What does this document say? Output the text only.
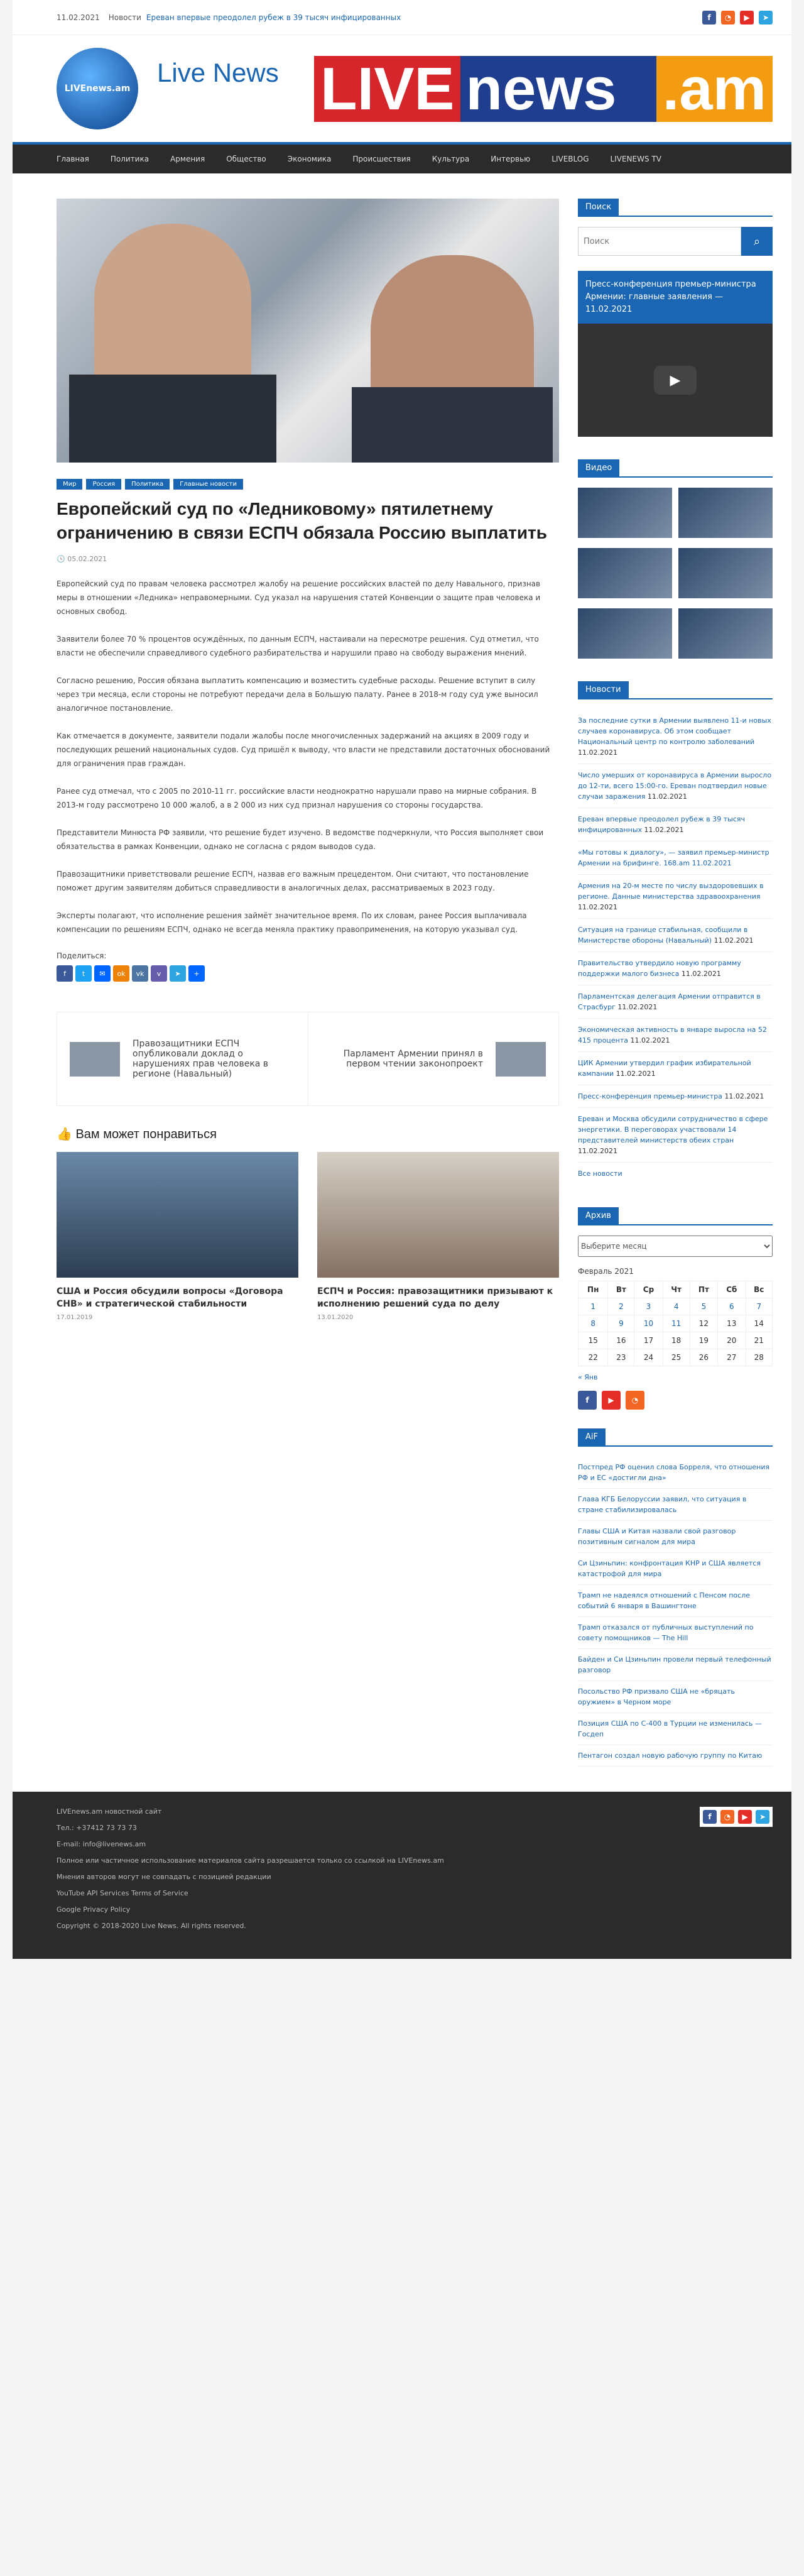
11.02.2021 Новости Ереван впервые преодолел рубеж в 39 тысяч инфицированных	f	◔	▶	➤
LIVEnews.am
Live News LIVE news .am
Главная	Политика	Армения	Общество	Экономика	Происшествия	Культура	Интервью	LIVEBLOG	LIVENEWS TV
Мир	Россия	Политика	Главные новости
Европейский суд по «Ледниковому» пятилетнему ограничению в связи ЕСПЧ обязала Россию выплатить
🕓 05.02.2021

Европейский суд по правам человека рассмотрел жалобу на решение российских властей по делу Навального, признав меры в отношении «Ледника» неправомерными. Суд указал на нарушения статей Конвенции о защите прав человека и основных свобод.

Заявители более 70 % процентов осуждённых, по данным ЕСПЧ, настаивали на пересмотре решения. Суд отметил, что власти не обеспечили справедливого судебного разбирательства и нарушили право на свободу выражения мнений.

Согласно решению, Россия обязана выплатить компенсацию и возместить судебные расходы. Решение вступит в силу через три месяца, если стороны не потребуют передачи дела в Большую палату. Ранее в 2018-м году суд уже выносил аналогичное постановление.

Как отмечается в документе, заявители подали жалобы после многочисленных задержаний на акциях в 2009 году и последующих решений национальных судов. Суд пришёл к выводу, что власти не представили достаточных обоснований для ограничения прав граждан.

Ранее суд отмечал, что с 2005 по 2010-11 гг. российские власти неоднократно нарушали право на мирные собрания. В 2013-м году рассмотрено 10 000 жалоб, а в 2 000 из них суд признал нарушения со стороны государства.

Представители Минюста РФ заявили, что решение будет изучено. В ведомстве подчеркнули, что Россия выполняет свои обязательства в рамках Конвенции, однако не согласна с рядом выводов суда.

Правозащитники приветствовали решение ЕСПЧ, назвав его важным прецедентом. Они считают, что постановление поможет другим заявителям добиться справедливости в аналогичных делах, рассматриваемых в 2023 году.

Эксперты полагают, что исполнение решения займёт значительное время. По их словам, ранее Россия выплачивала компенсации по решениям ЕСПЧ, однако не всегда меняла практику правоприменения, на которую указывал суд.

Поделиться:
f	t	✉	ok	vk	v	➤	+
Правозащитники ЕСПЧ опубликовали доклад о нарушениях прав человека в регионе (Навальный)
Парламент Армении принял в первом чтении законопроект
👍 Вам может понравиться
США и Россия обсудили вопросы «Договора СНВ» и стратегической стабильности
17.01.2019
ЕСПЧ и Россия: правозащитники призывают к исполнению решений суда по делу
13.01.2020
Поиск
Поиск
⌕
Пресс-конференция премьер-министра Армении: главные заявления — 11.02.2021
▶
Видео
Новости
За последние сутки в Армении выявлено 11-и новых случаев коронавируса. Об этом сообщает Национальный центр по контролю заболеваний 11.02.2021
Число умерших от коронавируса в Армении выросло до 12-ти, всего 15:00-го. Ереван подтвердил новые случаи заражения 11.02.2021
Ереван впервые преодолел рубеж в 39 тысяч инфицированных 11.02.2021
«Мы готовы к диалогу», — заявил премьер-министр Армении на брифинге. 168.am 11.02.2021
Армения на 20-м месте по числу выздоровевших в регионе. Данные министерства здравоохранения 11.02.2021
Ситуация на границе стабильная, сообщили в Министерстве обороны (Навальный) 11.02.2021
Правительство утвердило новую программу поддержки малого бизнеса 11.02.2021
Парламентская делегация Армении отправится в Страсбург 11.02.2021
Экономическая активность в январе выросла на 52 415 процента 11.02.2021
ЦИК Армении утвердил график избирательной кампании 11.02.2021
Пресс-конференция премьер-министра 11.02.2021
Ереван и Москва обсудили сотрудничество в сфере энергетики. В переговорах участвовали 14 представителей министерств обеих стран 11.02.2021
Все новости
Архив
Выберите месяц
Февраль 2021
Пн	Вт	Ср	Чт	Пт	Сб	Вс
1	2	3	4	5	6	7
8	9	10	11	12	13	14
15	16	17	18	19	20	21
22	23	24	25	26	27	28
« Янв
f	▶	◔
AiF
Постпред РФ оценил слова Борреля, что отношения РФ и ЕС «достигли дна»
Глава КГБ Белоруссии заявил, что ситуация в стране стабилизировалась
Главы США и Китая назвали свой разговор позитивным сигналом для мира
Си Цзиньпин: конфронтация КНР и США является катастрофой для мира
Трамп не надеялся отношений с Пенсом после событий 6 января в Вашингтоне
Трамп отказался от публичных выступлений по совету помощников — The Hill
Байден и Си Цзиньпин провели первый телефонный разговор
Посольство РФ призвало США не «бряцать оружием» в Черном море
Позиция США по С-400 в Турции не изменилась — Госдеп
Пентагон создал новую рабочую группу по Китаю

LIVEnews.am новостной сайт

Тел.: +37412 73 73 73

E-mail: info@livenews.am

Полное или частичное использование материалов сайта разрешается только со ссылкой на LIVEnews.am

Мнения авторов могут не совпадать с позицией редакции

YouTube API Services Terms of Service

Google Privacy Policy

Copyright © 2018-2020 Live News. All rights reserved.

f	◔	▶	➤
